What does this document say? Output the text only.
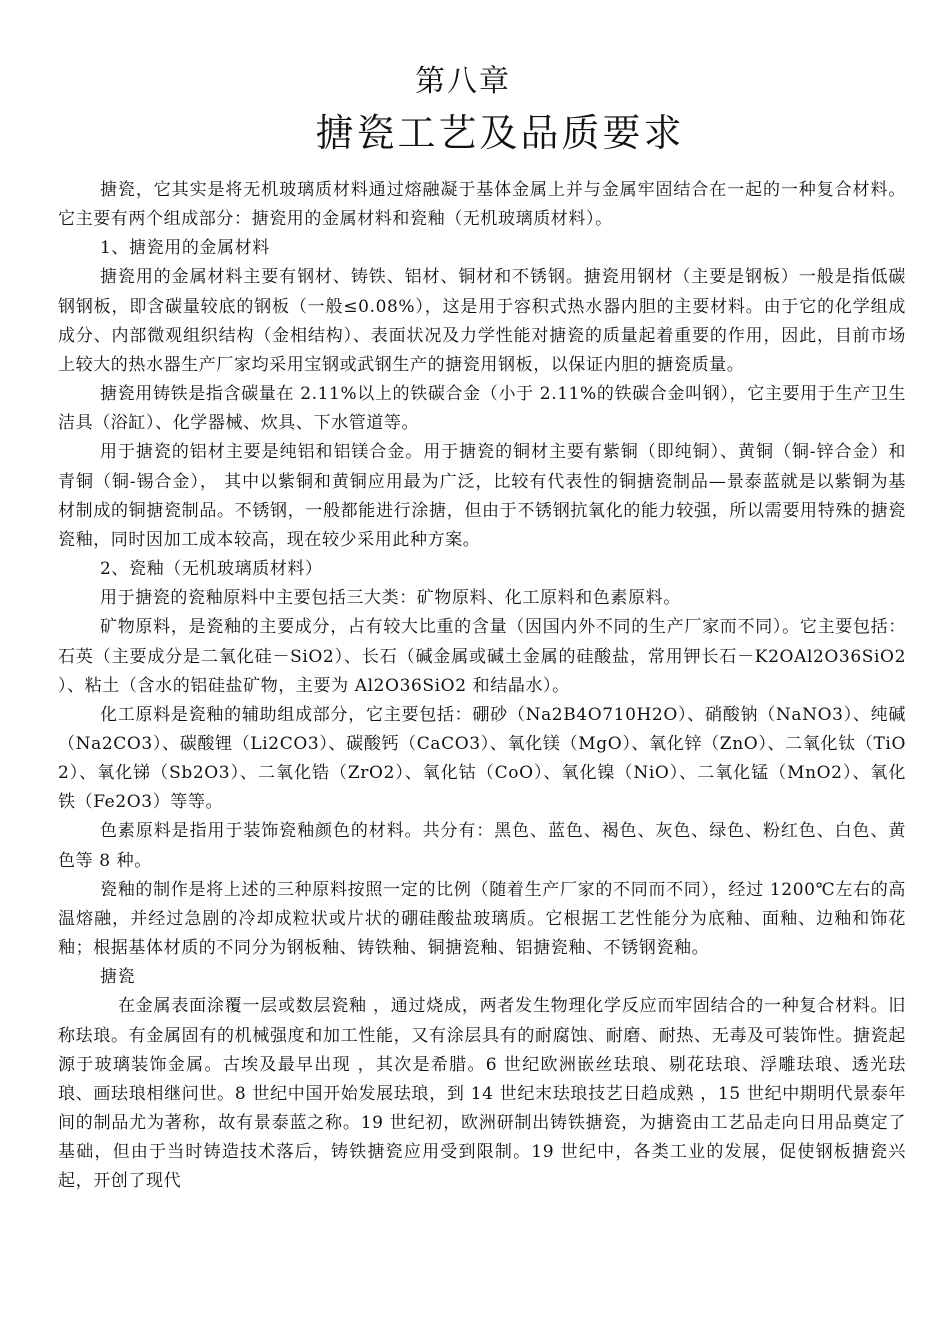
第八章
搪瓷工艺及品质要求

搪瓷，它其实是将无机玻璃质材料通过熔融凝于基体金属上并与金属牢固结合在一起的一种复合材料。它主要有两个组成部分：搪瓷用的金属材料和瓷釉（无机玻璃质材料）。

1、搪瓷用的金属材料

搪瓷用的金属材料主要有钢材、铸铁、铝材、铜材和不锈钢。搪瓷用钢材（主要是钢板）一般是指低碳钢钢板，即含碳量较底的钢板（一般≤0.08%），这是用于容积式热水器内胆的主要材料。由于它的化学组成成分、内部微观组织结构（金相结构）、表面状况及力学性能对搪瓷的质量起着重要的作用，因此，目前市场上较大的热水器生产厂家均采用宝钢或武钢生产的搪瓷用钢板，以保证内胆的搪瓷质量。

搪瓷用铸铁是指含碳量在 2.11%以上的铁碳合金（小于 2.11%的铁碳合金叫钢），它主要用于生产卫生洁具（浴缸）、化学器械、炊具、下水管道等。

用于搪瓷的铝材主要是纯铝和铝镁合金。用于搪瓷的铜材主要有紫铜（即纯铜）、黄铜（铜-锌合金）和青铜（铜-锡合金）， 其中以紫铜和黄铜应用最为广泛，比较有代表性的铜搪瓷制品—景泰蓝就是以紫铜为基材制成的铜搪瓷制品。不锈钢，一般都能进行涂搪，但由于不锈钢抗氧化的能力较强，所以需要用特殊的搪瓷瓷釉，同时因加工成本较高，现在较少采用此种方案。

2、瓷釉（无机玻璃质材料）

用于搪瓷的瓷釉原料中主要包括三大类：矿物原料、化工原料和色素原料。

矿物原料，是瓷釉的主要成分，占有较大比重的含量（因国内外不同的生产厂家而不同）。它主要包括：石英（主要成分是二氧化硅－SiO2）、长石（碱金属或碱土金属的硅酸盐，常用钾长石－K2OAl2O36SiO2 ）、粘土（含水的铝硅盐矿物，主要为 Al2O36SiO2 和结晶水）。

化工原料是瓷釉的辅助组成部分，它主要包括：硼砂（Na2B4O710H2O）、硝酸钠（NaNO3）、纯碱（Na2CO3）、碳酸锂（Li2CO3）、碳酸钙（CaCO3）、氧化镁（MgO）、氧化锌（ZnO）、二氧化钛（TiO2）、氧化锑（Sb2O3）、二氧化锆（ZrO2）、氧化钴（CoO）、氧化镍（NiO）、二氧化锰（MnO2）、氧化铁（Fe2O3）等等。

色素原料是指用于装饰瓷釉颜色的材料。共分有：黑色、蓝色、褐色、灰色、绿色、粉红色、白色、黄色等 8 种。

瓷釉的制作是将上述的三种原料按照一定的比例（随着生产厂家的不同而不同），经过 1200℃左右的高温熔融，并经过急剧的冷却成粒状或片状的硼硅酸盐玻璃质。它根据工艺性能分为底釉、面釉、边釉和饰花釉；根据基体材质的不同分为钢板釉、铸铁釉、铜搪瓷釉、铝搪瓷釉、不锈钢瓷釉。

搪瓷

在金属表面涂覆一层或数层瓷釉 ，通过烧成，两者发生物理化学反应而牢固结合的一种复合材料。旧称珐琅。有金属固有的机械强度和加工性能，又有涂层具有的耐腐蚀、耐磨、耐热、无毒及可装饰性。搪瓷起源于玻璃装饰金属。古埃及最早出现 ，其次是希腊。6 世纪欧洲嵌丝珐琅、剔花珐琅、浮雕珐琅、透光珐琅、画珐琅相继问世。8 世纪中国开始发展珐琅，到 14 世纪末珐琅技艺日趋成熟 ，15 世纪中期明代景泰年间的制品尤为著称，故有景泰蓝之称。19 世纪初，欧洲研制出铸铁搪瓷，为搪瓷由工艺品走向日用品奠定了基础，但由于当时铸造技术落后，铸铁搪瓷应用受到限制。19 世纪中，各类工业的发展，促使钢板搪瓷兴起，开创了现代
